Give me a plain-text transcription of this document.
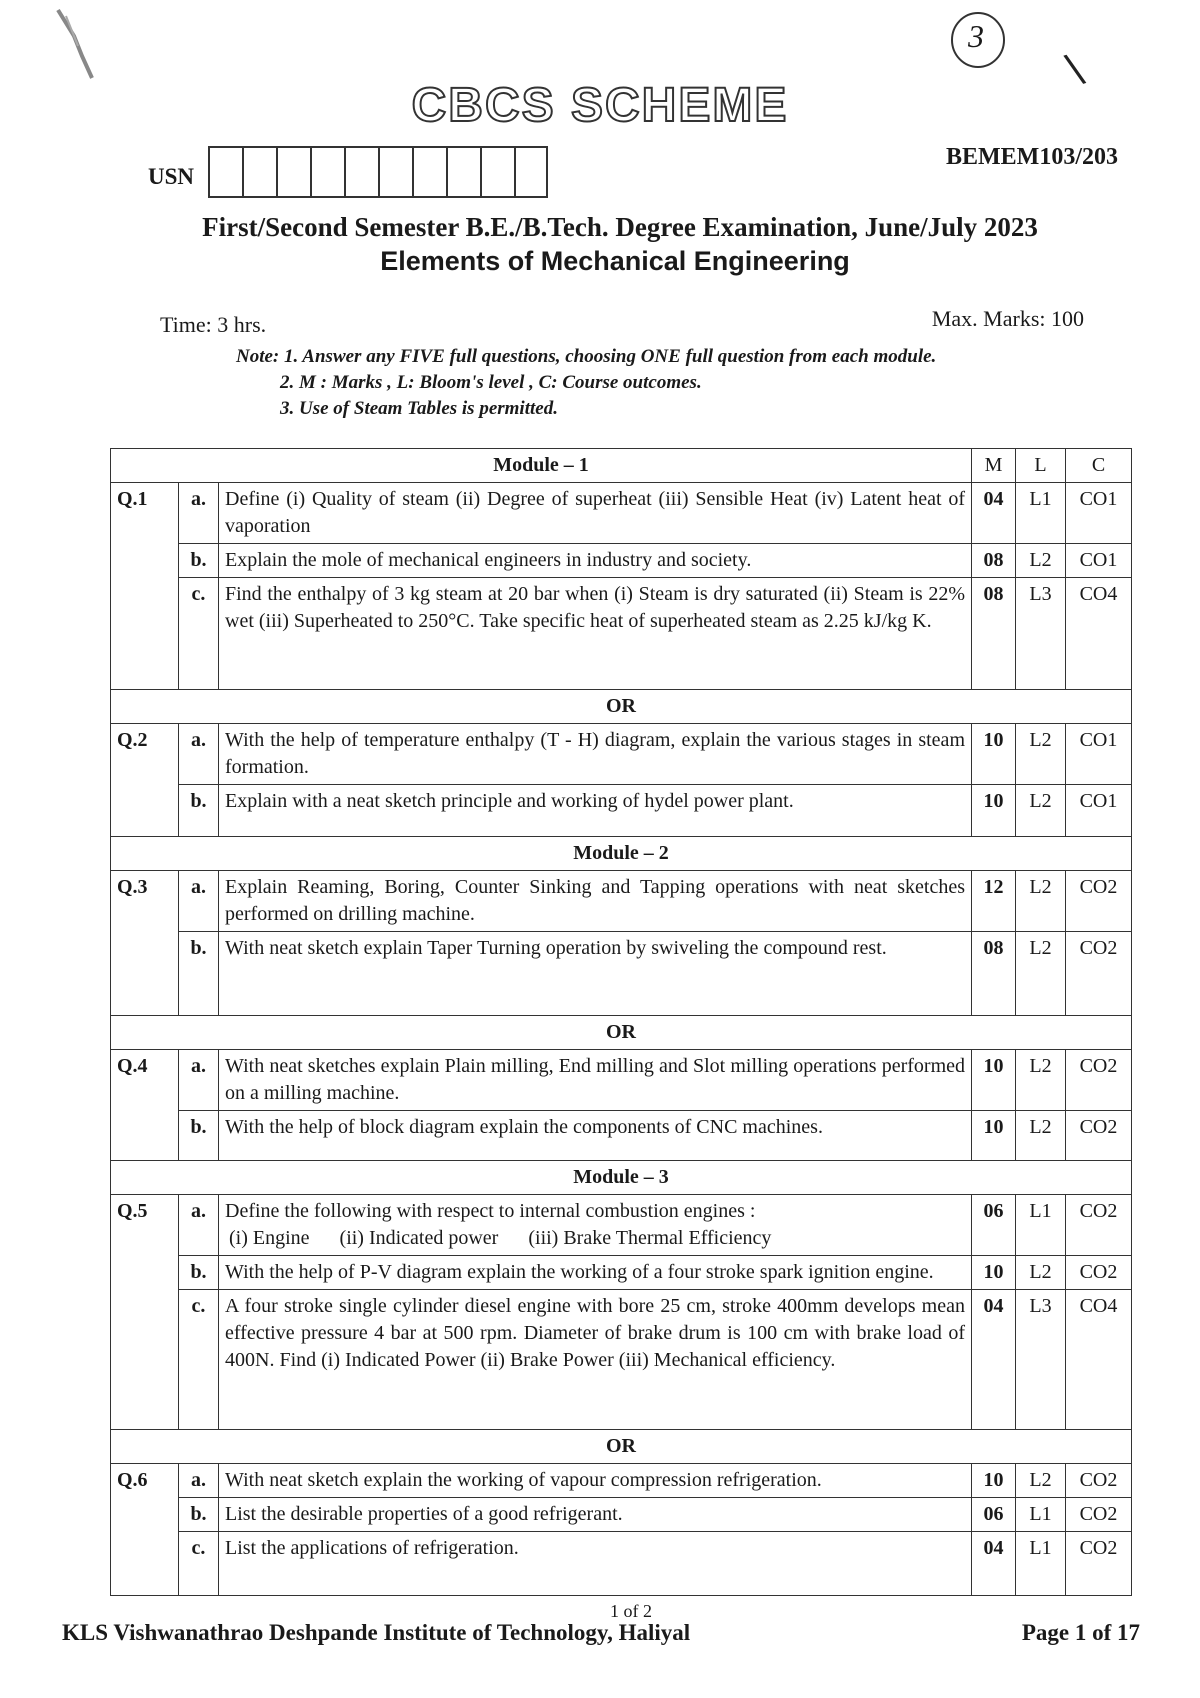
3
\
CBCS SCHEME
USN
BEMEM103/203
First/Second Semester B.E./B.Tech. Degree Examination, June/July 2023
Elements of Mechanical Engineering
Time: 3 hrs.	Max. Marks: 100
Note: 1. Answer any FIVE full questions, choosing ONE full question from each module.
2. M : Marks , L: Bloom's level , C: Course outcomes.
3. Use of Steam Tables is permitted.
Module – 1			M	L	C
Q.1	a.	Define (i) Quality of steam (ii) Degree of superheat (iii) Sensible Heat (iv) Latent heat of vaporation	04	L1	CO1
	b.	Explain the mole of mechanical engineers in industry and society.	08	L2	CO1
	c.	Find the enthalpy of 3 kg steam at 20 bar when (i) Steam is dry saturated (ii) Steam is 22% wet (iii) Superheated to 250°C. Take specific heat of superheated steam as 2.25 kJ/kg K.	08	L3	CO4
OR					
Q.2	a.	With the help of temperature enthalpy (T - H) diagram, explain the various stages in steam formation.	10	L2	CO1
	b.	Explain with a neat sketch principle and working of hydel power plant.	10	L2	CO1
Module – 2					
Q.3	a.	Explain Reaming, Boring, Counter Sinking and Tapping operations with neat sketches performed on drilling machine.	12	L2	CO2
	b.	With neat sketch explain Taper Turning operation by swiveling the compound rest.	08	L2	CO2
OR					
Q.4	a.	With neat sketches explain Plain milling, End milling and Slot milling operations performed on a milling machine.	10	L2	CO2
	b.	With the help of block diagram explain the components of CNC machines.	10	L2	CO2
Module – 3					
Q.5	a.	Define the following with respect to internal combustion engines :
(i) Engine      (ii) Indicated power      (iii) Brake Thermal Efficiency	06	L1	CO2
	b.	With the help of P-V diagram explain the working of a four stroke spark ignition engine.	10	L2	CO2
	c.	A four stroke single cylinder diesel engine with bore 25 cm, stroke 400mm develops mean effective pressure 4 bar at 500 rpm. Diameter of brake drum is 100 cm with brake load of 400N. Find (i) Indicated Power (ii) Brake Power (iii) Mechanical efficiency.	04	L3	CO4
OR					
Q.6	a.	With neat sketch explain the working of vapour compression refrigeration.	10	L2	CO2
	b.	List the desirable properties of a good refrigerant.	06	L1	CO2
	c.	List the applications of refrigeration.	04	L1	CO2
1 of 2
KLS Vishwanathrao Deshpande Institute of Technology, Haliyal	Page 1 of 17
